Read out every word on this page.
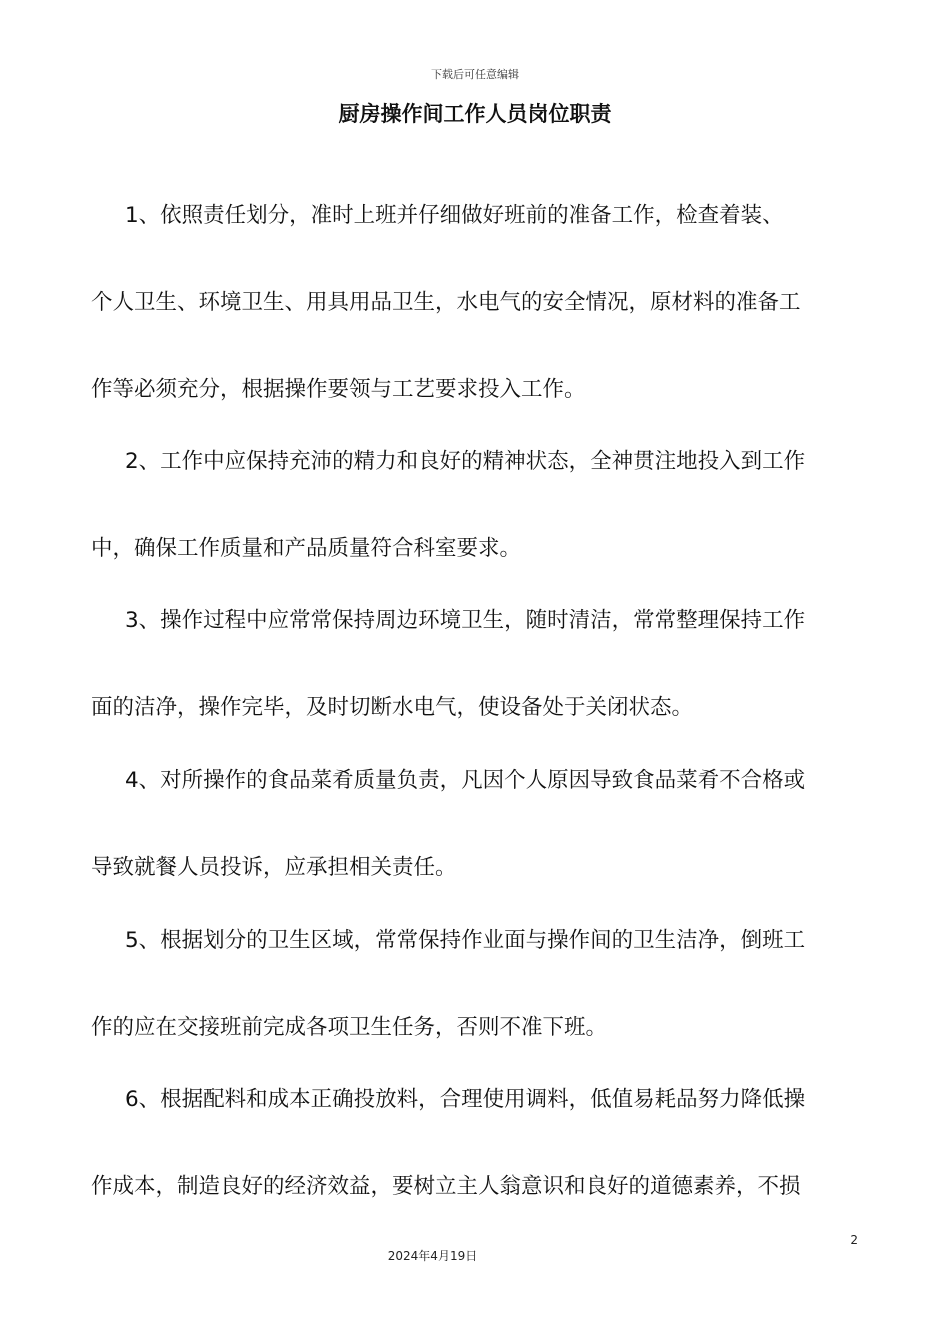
下载后可任意编辑
厨房操作间工作人员岗位职责
1、依照责任划分，准时上班并仔细做好班前的准备工作，检查着装、
个人卫生、环境卫生、用具用品卫生，水电气的安全情况，原材料的准备工
作等必须充分，根据操作要领与工艺要求投入工作。
2、工作中应保持充沛的精力和良好的精神状态，全神贯注地投入到工作
中，确保工作质量和产品质量符合科室要求。
3、操作过程中应常常保持周边环境卫生，随时清洁，常常整理保持工作
面的洁净，操作完毕，及时切断水电气，使设备处于关闭状态。
4、对所操作的食品菜肴质量负责，凡因个人原因导致食品菜肴不合格或
导致就餐人员投诉，应承担相关责任。
5、根据划分的卫生区域，常常保持作业面与操作间的卫生洁净，倒班工
作的应在交接班前完成各项卫生任务，否则不准下班。
6、根据配料和成本正确投放料，合理使用调料，低值易耗品努力降低操
作成本，制造良好的经济效益，要树立主人翁意识和良好的道德素养，不损
2
2024年4月19日
